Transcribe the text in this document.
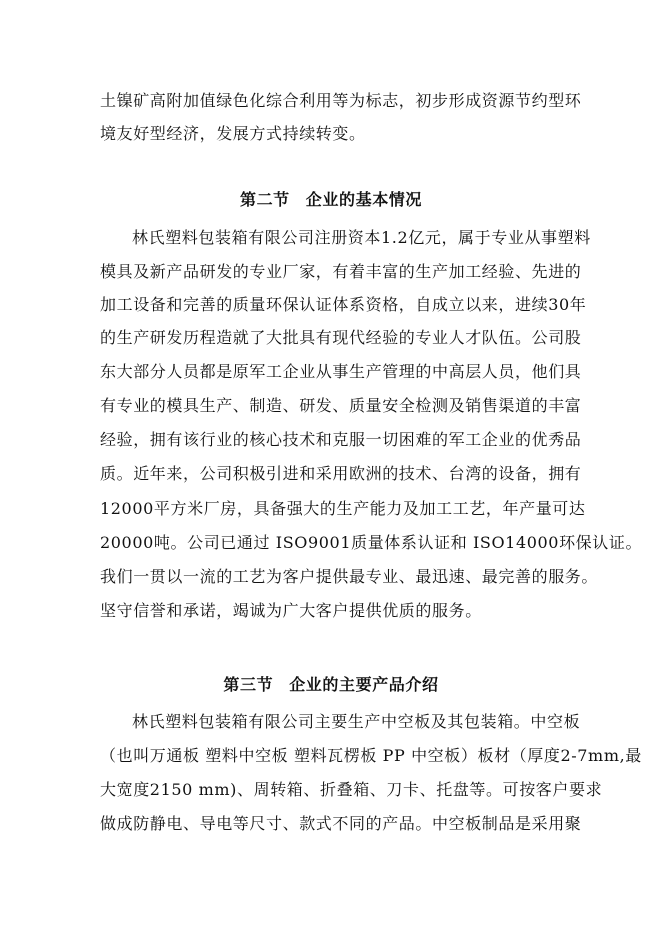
土镍矿高附加值绿色化综合利用等为标志，初步形成资源节约型环
境友好型经济，发展方式持续转变。
第二节 企业的基本情况
林氏塑料包装箱有限公司注册资本1.2亿元，属于专业从事塑料
模具及新产品研发的专业厂家，有着丰富的生产加工经验、先进的
加工设备和完善的质量环保认证体系资格，自成立以来，进续30年
的生产研发历程造就了大批具有现代经验的专业人才队伍。公司股
东大部分人员都是原军工企业从事生产管理的中高层人员，他们具
有专业的模具生产、制造、研发、质量安全检测及销售渠道的丰富
经验，拥有该行业的核心技术和克服一切困难的军工企业的优秀品
质。近年来，公司积极引进和采用欧洲的技术、台湾的设备，拥有
12000平方米厂房，具备强大的生产能力及加工工艺，年产量可达
20000吨。公司已通过 ISO9001质量体系认证和 ISO14000环保认证。
我们一贯以一流的工艺为客户提供最专业、最迅速、最完善的服务。
坚守信誉和承诺，竭诚为广大客户提供优质的服务。
第三节 企业的主要产品介绍
林氏塑料包装箱有限公司主要生产中空板及其包装箱。中空板
（也叫万通板 塑料中空板 塑料瓦楞板 PP 中空板）板材（厚度2-7mm,最
大宽度2150 mm)、周转箱、折叠箱、刀卡、托盘等。可按客户要求
做成防静电、导电等尺寸、款式不同的产品。中空板制品是采用聚
